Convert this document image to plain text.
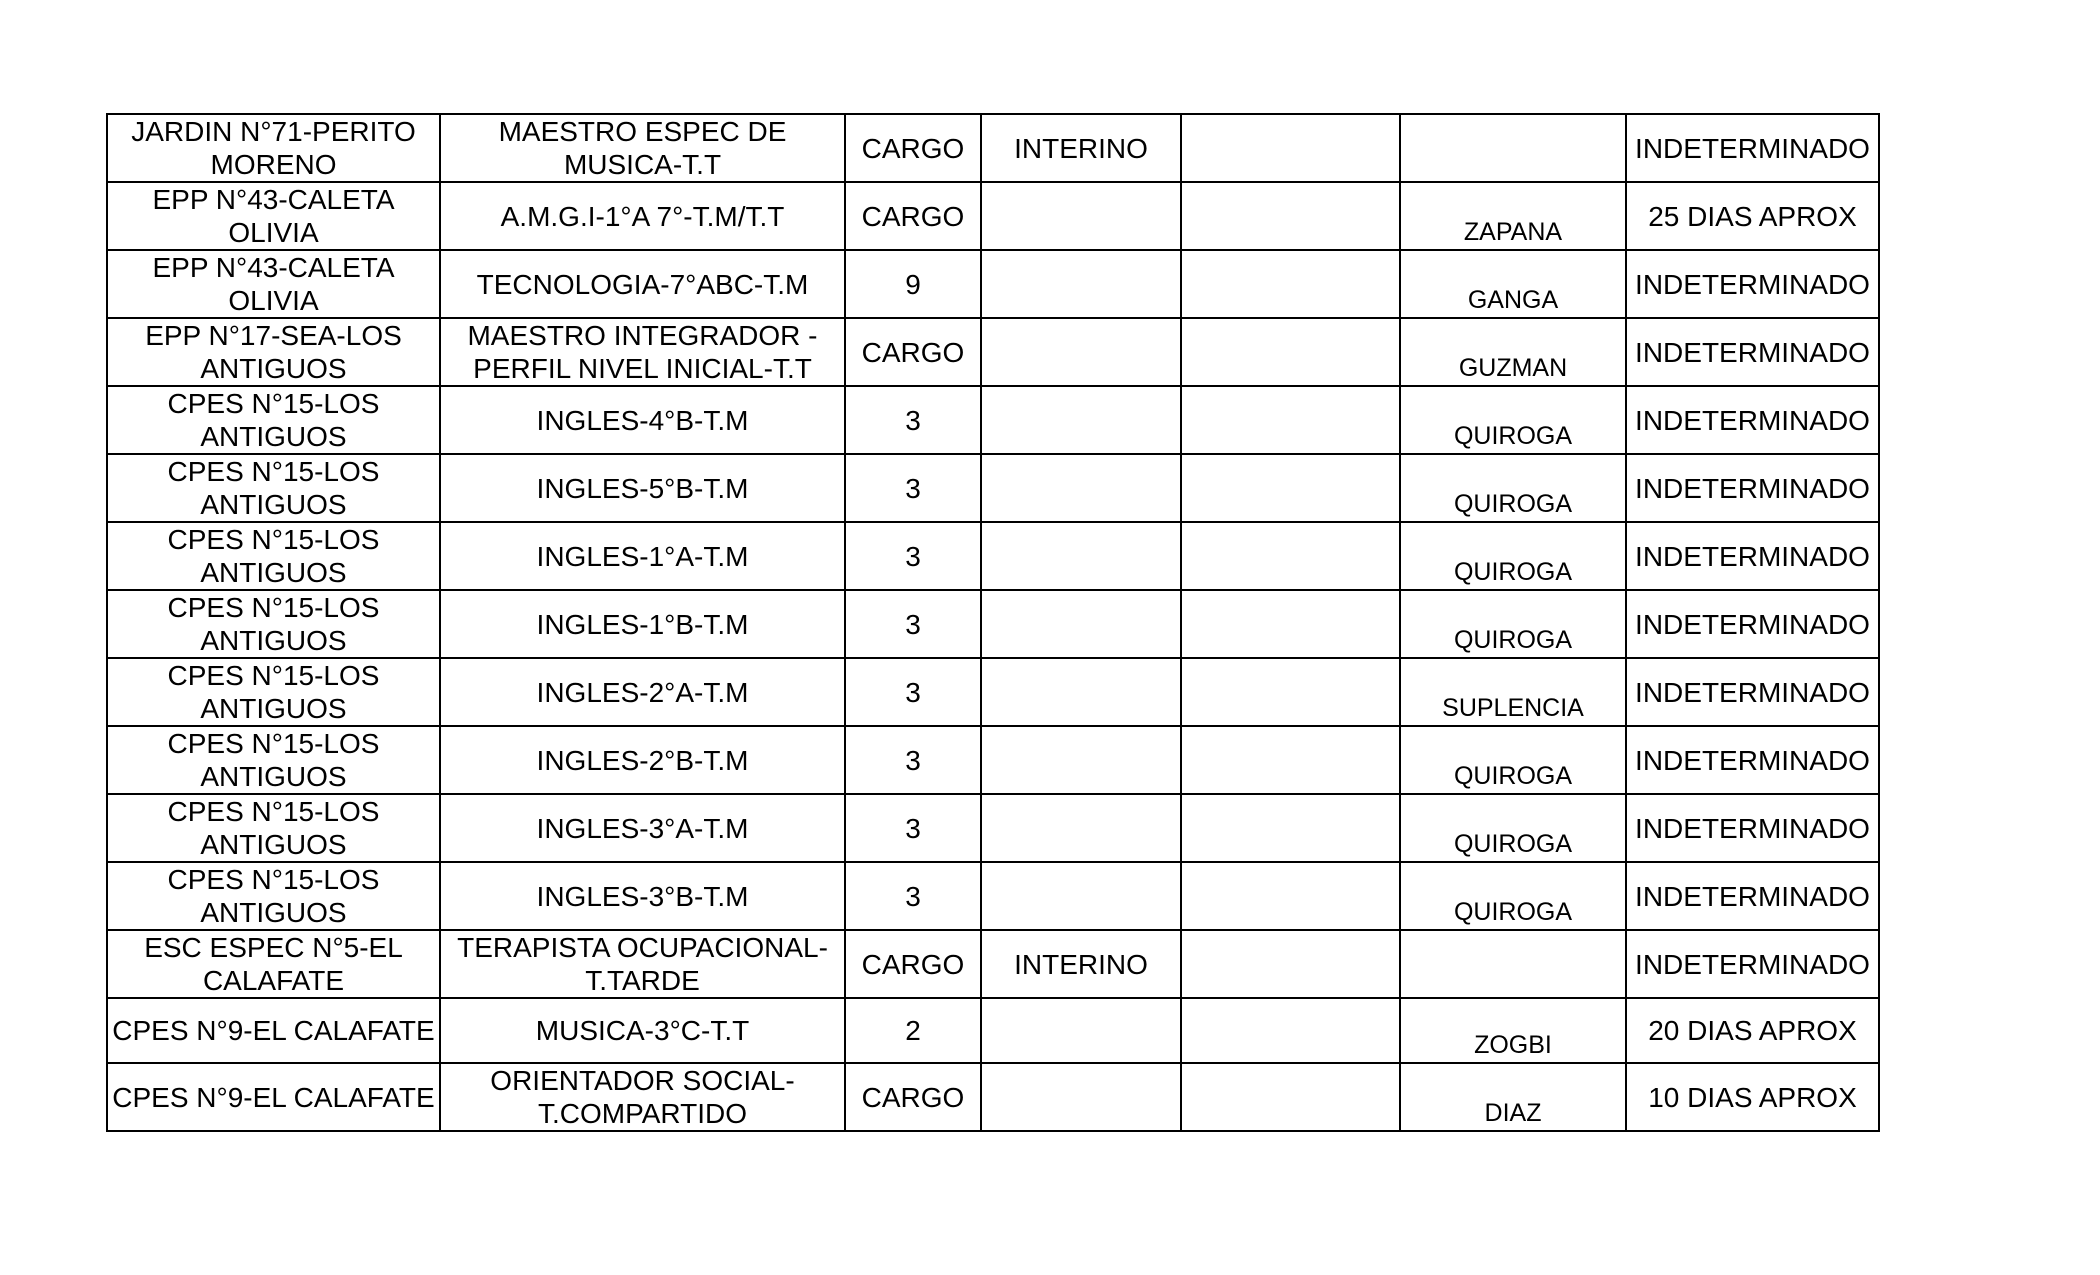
JARDIN N°71-PERITO MORENO	MAESTRO ESPEC DE MUSICA-T.T	CARGO	INTERINO			INDETERMINADO
EPP N°43-CALETA OLIVIA	A.M.G.I-1°A 7°-T.M/T.T	CARGO			ZAPANA	25 DIAS APROX
EPP N°43-CALETA OLIVIA	TECNOLOGIA-7°ABC-T.M	9			GANGA	INDETERMINADO
EPP N°17-SEA-LOS ANTIGUOS	MAESTRO INTEGRADOR - PERFIL NIVEL INICIAL-T.T	CARGO			GUZMAN	INDETERMINADO
CPES N°15-LOS ANTIGUOS	INGLES-4°B-T.M	3			QUIROGA	INDETERMINADO
CPES N°15-LOS ANTIGUOS	INGLES-5°B-T.M	3			QUIROGA	INDETERMINADO
CPES N°15-LOS ANTIGUOS	INGLES-1°A-T.M	3			QUIROGA	INDETERMINADO
CPES N°15-LOS ANTIGUOS	INGLES-1°B-T.M	3			QUIROGA	INDETERMINADO
CPES N°15-LOS ANTIGUOS	INGLES-2°A-T.M	3			SUPLENCIA	INDETERMINADO
CPES N°15-LOS ANTIGUOS	INGLES-2°B-T.M	3			QUIROGA	INDETERMINADO
CPES N°15-LOS ANTIGUOS	INGLES-3°A-T.M	3			QUIROGA	INDETERMINADO
CPES N°15-LOS ANTIGUOS	INGLES-3°B-T.M	3			QUIROGA	INDETERMINADO
ESC ESPEC N°5-EL CALAFATE	TERAPISTA OCUPACIONAL-T.TARDE	CARGO	INTERINO			INDETERMINADO
CPES N°9-EL CALAFATE	MUSICA-3°C-T.T	2			ZOGBI	20 DIAS APROX
CPES N°9-EL CALAFATE	ORIENTADOR SOCIAL-T.COMPARTIDO	CARGO			DIAZ	10 DIAS APROX
